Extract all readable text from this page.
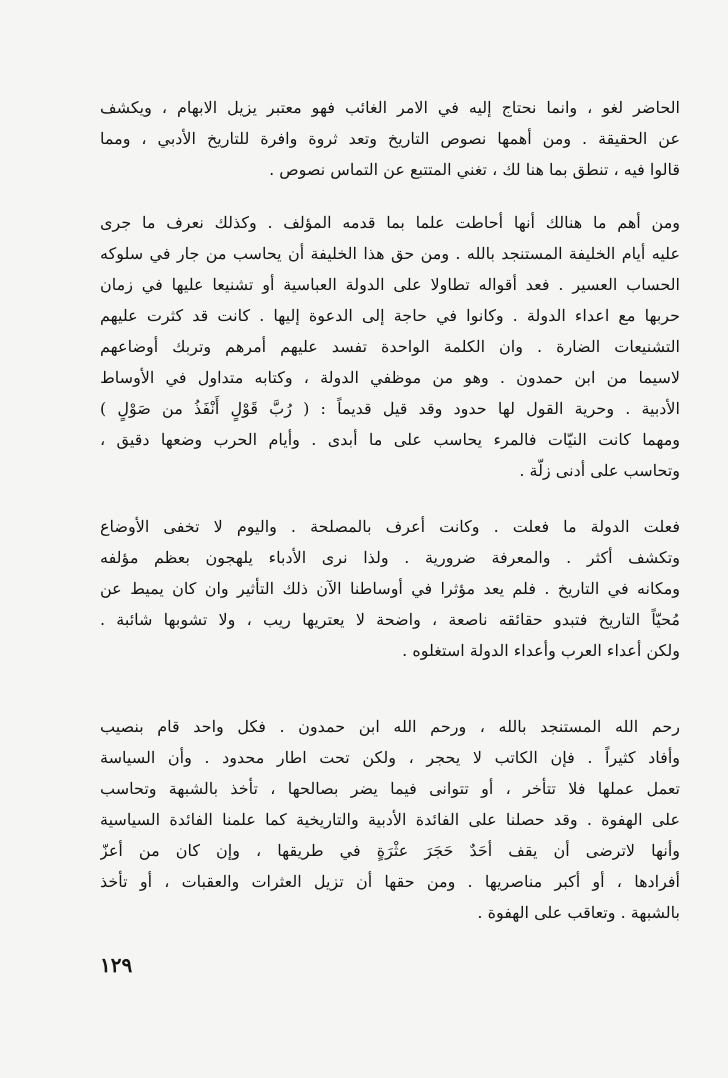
الحاضر لغو ، وانما نحتاج إليه في الامر الغائب فهو معتبر يزيل الابهام ، ويكشف
عن الحقيقة . ومن أهمها نصوص التاريخ وتعد ثروة وافرة للتاريخ الأدبي ، ومما
قالوا فيه ، تنطق بما هنا لك ، تغني المتتبع عن التماس نصوص .
ومن أهم ما هنالك أنها أحاطت علما بما قدمه المؤلف . وكذلك نعرف ما جرى
عليه أيام الخليفة المستنجد بالله . ومن حق هذا الخليفة أن يحاسب من جار في سلوكه
الحساب العسير . فعد أقواله تطاولا على الدولة العباسية أو تشنيعا عليها في زمان
حربها مع اعداء الدولة . وكانوا في حاجة إلى الدعوة إليها . كانت قد كثرت عليهم
التشنيعات الضارة . وان الكلمة الواحدة تفسد عليهم أمرهم وتربك أوضاعهم
لاسيما من ابن حمدون . وهو من موظفي الدولة ، وكتابه متداول في الأوساط
الأدبية . وحرية القول لها حدود وقد قيل قديماً : ( رُبَّ قَوْلٍ أَنْفَذُ من صَوْلٍ )
ومهما كانت النيّات فالمرء يحاسب على ما أبدى . وأيام الحرب وضعها دقيق ،
وتحاسب على أدنى زلّة .
فعلت الدولة ما فعلت . وكانت أعرف بالمصلحة . واليوم لا تخفى الأوضاع
وتكشف أكثر . والمعرفة ضرورية . ولذا نرى الأدباء يلهجون بعظم مؤلفه
ومكانه في التاريخ . فلم يعد مؤثرا في أوساطنا الآن ذلك التأثير وان كان يميط عن
مُحيّاً التاريخ فتبدو حقائقه ناصعة ، واضحة لا يعتريها ريب ، ولا تشوبها شائبة .
ولكن أعداء العرب وأعداء الدولة استغلوه .
رحم الله المستنجد بالله ، ورحم الله ابن حمدون . فكل واحد قام بنصيب
وأفاد كثيراً . فإن الكاتب لا يحجر ، ولكن تحت اطار محدود . وأن السياسة
تعمل عملها فلا تتأخر ، أو تتوانى فيما يضر بصالحها ، تأخذ بالشبهة وتحاسب
على الهفوة . وقد حصلنا على الفائدة الأدبية والتاريخية كما علمنا الفائدة السياسية
وأنها لاترضى أن يقف أحَدٌ حَجَرَ عثْرَةٍ في طريقها ، وإن كان من أعزّ
أفرادها ، أو أكبر مناصريها . ومن حقها أن تزيل العثرات والعقبات ، أو تأخذ
بالشبهة . وتعاقب على الهفوة .
١٢٩
